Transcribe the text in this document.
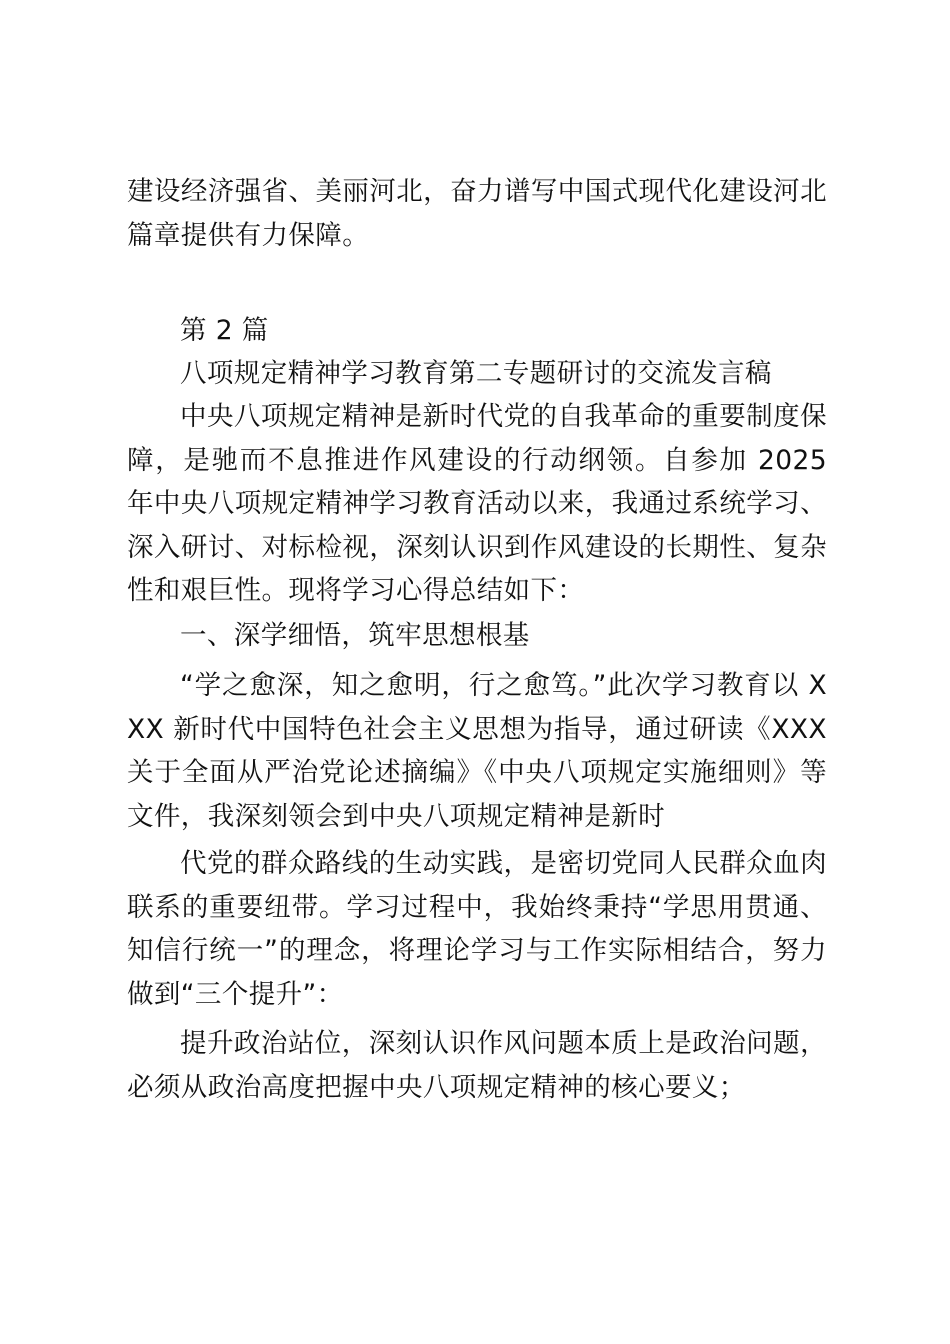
建设经济强省、美丽河北，奋力谱写中国式现代化建设河北篇章提供有力保障。

第 2 篇

八项规定精神学习教育第二专题研讨的交流发言稿

中央八项规定精神是新时代党的自我革命的重要制度保障，是驰而不息推进作风建设的行动纲领。自参加 2025 年中央八项规定精神学习教育活动以来，我通过系统学习、深入研讨、对标检视，深刻认识到作风建设的长期性、复杂性和艰巨性。现将学习心得总结如下：

一、深学细悟，筑牢思想根基

“学之愈深，知之愈明，行之愈笃。”此次学习教育以 XXX 新时代中国特色社会主义思想为指导，通过研读《XXX 关于全面从严治党论述摘编》《中央八项规定实施细则》等文件，我深刻领会到中央八项规定精神是新时

代党的群众路线的生动实践，是密切党同人民群众血肉联系的重要纽带。学习过程中，我始终秉持“学思用贯通、知信行统一”的理念，将理论学习与工作实际相结合，努力做到“三个提升”：

提升政治站位，深刻认识作风问题本质上是政治问题，必须从政治高度把握中央八项规定精神的核心要义；
